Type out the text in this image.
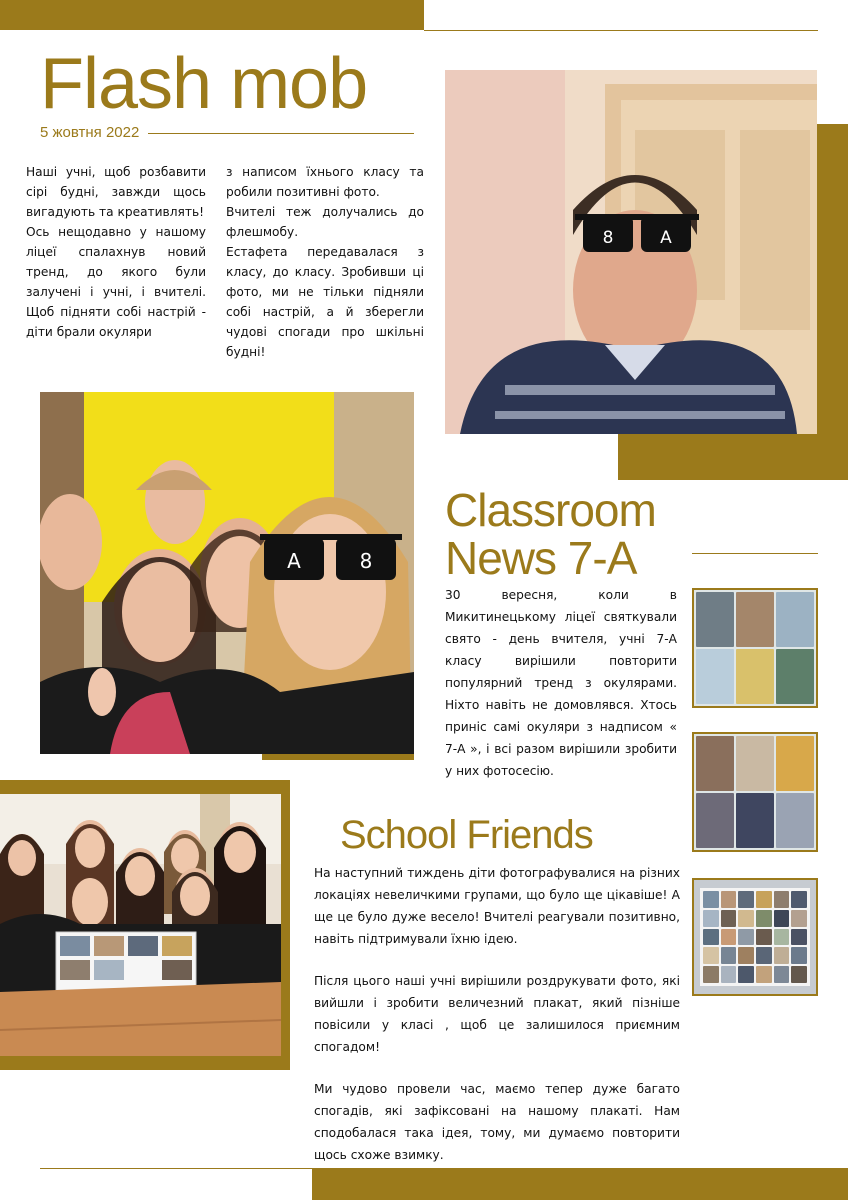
Flash mob
5 жовтня 2022

Наші учні, щоб розбавити сірі будні, завжди щось вигадують та креативлять!

Ось нещодавно у нашому ліцеї спалахнув новий тренд, до якого були залучені і учні, і вчителі. Щоб підняти собі настрій - діти брали окуляри

з написом їхнього класу та робили позитивні фото.

Вчителі теж долучались до флешмобу.

Естафета передавалася з класу, до класу. Зробивши ці фото, ми не тільки підняли собі настрій, а й зберегли чудові спогади про шкільні будні!

8	A
A	8
Classroom
News 7-A

30 вересня, коли в Микитинецькому ліцеї святкували свято - день вчителя, учні 7-А класу вирішили повторити популярний тренд з окулярами. Ніхто навіть не домовлявся. Хтось приніс самі окуляри з надписом « 7-А », і всі разом вирішили зробити у них фотосесію.

School Friends

На наступний тиждень діти фотографувалися на різних локаціях невеличкими групами, що було ще цікавіше! А ще це було дуже весело! Вчителі реагували позитивно, навіть підтримували їхню ідею.

Після цього наші учні вирішили роздрукувати фото, які вийшли і зробити величезний плакат, який пізніше повісили у класі , щоб це залишилося приємним спогадом!

Ми чудово провели час, маємо тепер дуже багато спогадів, які зафіксовані на нашому плакаті. Нам сподобалася така ідея, тому, ми думаємо повторити щось схоже взимку.
